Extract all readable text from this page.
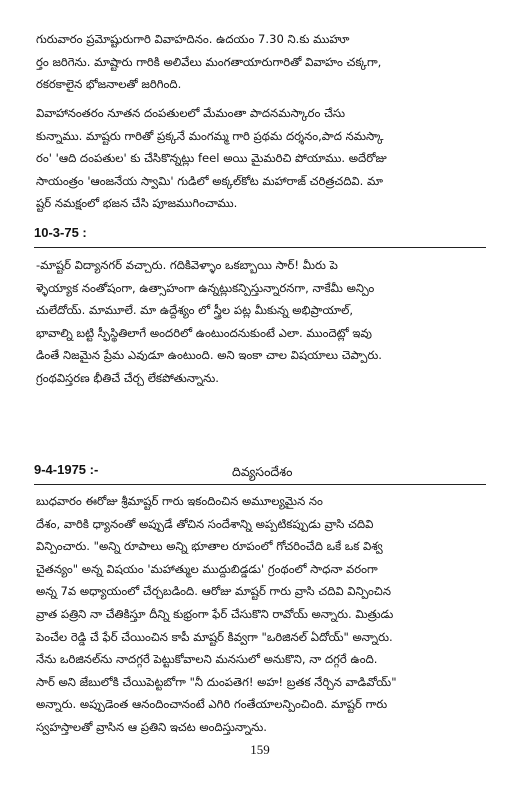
గురువారం ప్రమోష్టురుగారి వివాహదినం. ఉదయం 7.30 ని.కు ముహూ
ర్తం జరిగెను. మాష్టారు గారికి అలివేలు మంగతాయారుగారితో వివాహం చక్కగా,
రకరకాలైన భోజనాలతో జరిగింది.

వివాహానంతరం నూతన దంపతులలో మేమంతా పాదనమస్కారం చేసు
కున్నాము. మాష్టరు గారితో ప్రక్కనే మంగమ్మ గారి ప్రథమ దర్శనం,పాద నమస్కా
రం' 'ఆది దంపతుల' కు చేసికొన్నట్లు feel అయి మైమరిచి పోయాము. అదేరోజు
సాయంత్రం 'ఆంజనేయ స్వామి' గుడిలో అక్కల్‌కోట మహారాజ్ చరిత్రచదివి. మా
ష్టర్ నమక్షంలో భజన చేసి పూజముగించాము.

10-3-75 :

-మాష్టర్ విద్యానగర్ వచ్చారు. గదికివెళ్ళాం ఒకబ్బాయి సార్! మీరు పె
ళ్ళెయ్యాక నంతోషంగా, ఉత్సాహంగా ఉన్నట్లుకన్పిస్తున్నారనగా, నాకేమీ అన్పిం
చులేదోయ్. మామూలే. మా ఉద్దేశ్యం లో స్త్రీల పట్ల మీకున్న అభిప్రాయాల్,
భావాల్ని బట్టి స్ఫీస్థితిలాగే అందరిలో ఉంటుందనుకుంటే ఎలా. ముందెట్లో ఇవు
డింతే నిజమైన ప్రేమ ఎవుడూ ఉంటుంది. అని ఇంకా చాల విషయాలు చెప్పారు.
గ్రంథవిస్తరణ భీతిచే చేర్చ లేకపోతున్నాను.

9-4-1975 :-	దివ్యసందేశం

బుధవారం ఈరోజు శ్రీమాష్టర్ గారు ఇకందించిన అమూల్యమైన నం
దేశం, వారికి ధ్యానంతో అప్పుడే తోచిన సందేశాన్ని అప్పటికప్పుడు వ్రాసి చదివి
విన్పించారు. "అన్ని రూపాలు అన్ని భూతాల రూపంలో గోచరించేది ఒకే ఒక విశ్వ
చైతన్యం" అన్న విషయం 'మహాత్ముల ముద్దుబిడ్డడు' గ్రంథంలో సాధనా వరంగా
అన్న 7వ అధ్యాయంలో చేర్చబడింది. ఆరోజు మాష్టర్ గారు వ్రాసి చదివి విన్పించిన
వ్రాత పత్రిని నా చేతికిస్తూ దీన్ని కుభ్రంగా ఫేర్ చేసుకొని రావోయ్ అన్నారు. మిత్రుడు
పెంచేల రెడ్డి చే ఫేర్ చేయించిన కాపీ మాష్టర్ కివ్వగా "ఒరిజినల్ ఏదోయ్" అన్నారు.
నేను ఒరిజినల్‌ను నాదగ్గరే పెట్టుకోవాలని మనసులో అనుకొని, నా దగ్గరే ఉంది.
సార్ అని జేబులోకి చేయిపెట్టబోగా "నీ దుంపతెగ! అహ! బ్రతక నేర్చిన వాడివోయ్"
అన్నారు. అప్పుడెంత ఆనందించానంటే ఎగిరి గంతేయాలన్పించింది. మాష్టర్ గారు
స్వహస్తాలతో వ్రాసిన ఆ ప్రతిని ఇచట అందిస్తున్నాను.

159
